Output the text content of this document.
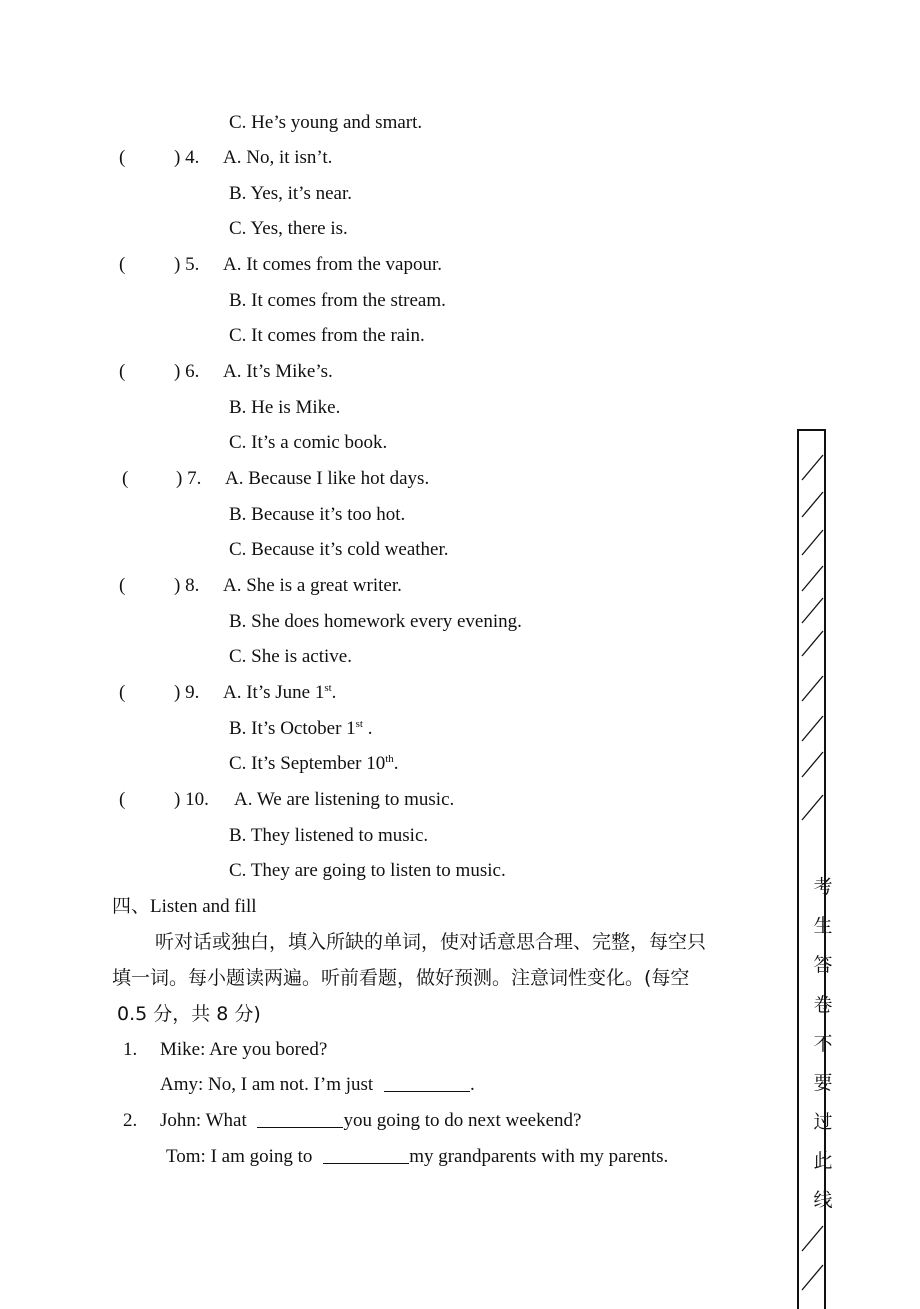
C. He’s young and smart.
(	) 4. A. No, it isn’t.
B. Yes, it’s near.
C. Yes, there is.
(	) 5. A. It comes from the vapour.
B. It comes from the stream.
C. It comes from the rain.
(	) 6. A. It’s Mike’s.
B. He is Mike.
C. It’s a comic book.
(	) 7. A. Because I like hot days.
B. Because it’s too hot.
C. Because it’s cold weather.
(	) 8. A. She is a great writer.
B. She does homework every evening.
C. She is active.
(	) 9. A. It’s June 1st.
B. It’s October 1st .
C. It’s September 10th.
(	) 10. A. We are listening to music.
B. They listened to music.
C. They are going to listen to music.
四、Listen and fill
听对话或独白，填入所缺的单词，使对话意思合理、完整，每空只
填一词。每小题读两遍。听前看题，做好预测。注意词性变化。(每空
0.5 分，共 8 分)
1. Mike: Are you bored?
Amy: No, I am not. I’m just	.
2. John: What	you going to do next weekend?
Tom: I am going to	my grandparents with my parents.
考
生
答
卷
不
要
过
此
线
